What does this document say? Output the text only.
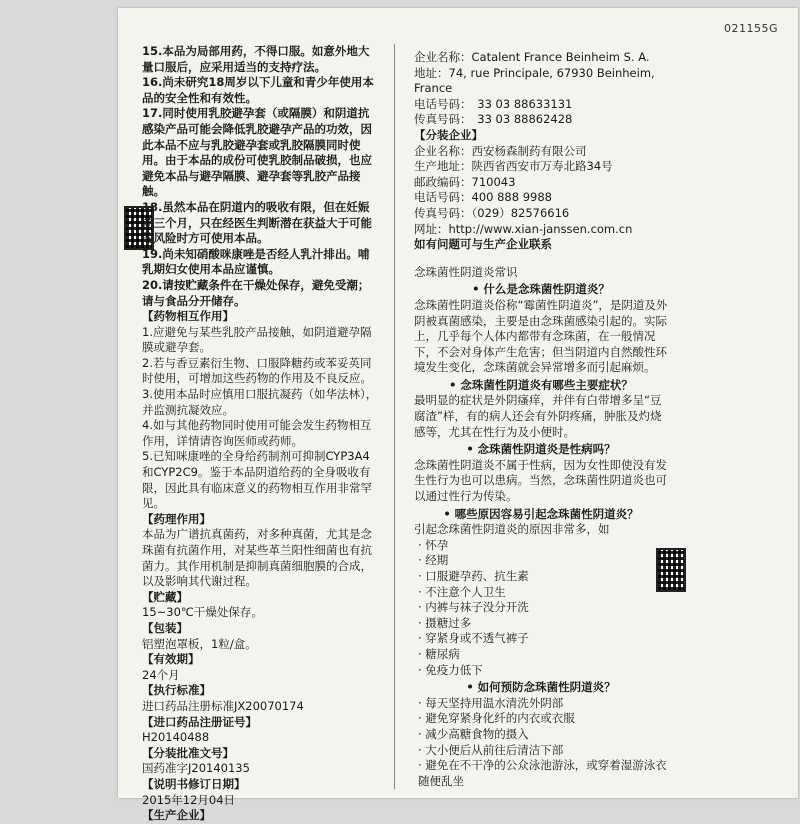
021155G
15.本品为局部用药，不得口服。如意外地大量口服后，应采用适当的支持疗法。
16.尚未研究18周岁以下儿童和青少年使用本品的安全性和有效性。
17.同时使用乳胶避孕套（或隔膜）和阴道抗感染产品可能会降低乳胶避孕产品的功效，因此本品不应与乳胶避孕套或乳胶隔膜同时使用。由于本品的成份可使乳胶制品破损，也应避免本品与避孕隔膜、避孕套等乳胶产品接触。
18.虽然本品在阴道内的吸收有限，但在妊娠前三个月，只在经医生判断潜在获益大于可能的风险时方可使用本品。
19.尚未知硝酸咪康唑是否经人乳汁排出。哺乳期妇女使用本品应谨慎。
20.请按贮藏条件在干燥处保存，避免受潮；请与食品分开储存。
【药物相互作用】
1.应避免与某些乳胶产品接触，如阴道避孕隔膜或避孕套。
2.若与香豆素衍生物、口服降糖药或苯妥英同时使用，可增加这些药物的作用及不良反应。
3.使用本品时应慎用口服抗凝药（如华法林），并监测抗凝效应。
4.如与其他药物同时使用可能会发生药物相互作用，详情请咨询医师或药师。
5.已知咪康唑的全身给药制剂可抑制CYP3A4和CYP2C9。鉴于本品阴道给药的全身吸收有限，因此具有临床意义的药物相互作用非常罕见。
【药理作用】
本品为广谱抗真菌药，对多种真菌，尤其是念珠菌有抗菌作用，对某些革兰阳性细菌也有抗菌力。其作用机制是抑制真菌细胞膜的合成，以及影响其代谢过程。
【贮藏】
15~30℃干燥处保存。
【包装】
铝塑泡罩板，1粒/盒。
【有效期】
24个月
【执行标准】
进口药品注册标准JX20070174
【进口药品注册证号】
H20140488
【分装批准文号】
国药准字J20140135
【说明书修订日期】
2015年12月04日
【生产企业】
企业名称：Catalent France Beinheim S. A.
地址：74, rue Principale, 67930 Beinheim, France
电话号码：　33 03 88633131
传真号码：　33 03 88862428
【分装企业】
企业名称：西安杨森制药有限公司
生产地址：陕西省西安市万寿北路34号
邮政编码：710043
电话号码：400 888 9988
传真号码：（029）82576616
网址：http://www.xian-janssen.com.cn
如有问题可与生产企业联系
念珠菌性阴道炎常识
• 什么是念珠菌性阴道炎？
念珠菌性阴道炎俗称“霉菌性阴道炎”，是阴道及外阴被真菌感染，主要是由念珠菌感染引起的。实际上，几乎每个人体内都带有念珠菌，在一般情况下，不会对身体产生危害；但当阴道内自然酸性环境发生变化，念珠菌就会异常增多而引起麻烦。
• 念珠菌性阴道炎有哪些主要症状？
最明显的症状是外阴瘙痒，并伴有白带增多呈“豆腐渣”样，有的病人还会有外阴疼痛，肿胀及灼烧感等，尤其在性行为及小便时。
• 念珠菌性阴道炎是性病吗？
念珠菌性阴道炎不属于性病，因为女性即使没有发生性行为也可以患病。当然，念珠菌性阴道炎也可以通过性行为传染。
• 哪些原因容易引起念珠菌性阴道炎？
引起念珠菌性阴道炎的原因非常多，如
· 怀孕
· 经期
· 口服避孕药、抗生素
· 不注意个人卫生
· 内裤与袜子没分开洗
· 摄糖过多
· 穿紧身或不透气裤子
· 糖尿病
· 免疫力低下
• 如何预防念珠菌性阴道炎？
· 每天坚持用温水清洗外阴部
· 避免穿紧身化纤的内衣或衣服
· 减少高糖食物的摄入
· 大小便后从前往后清洁下部
· 避免在不干净的公众泳池游泳，或穿着湿游泳衣随便乱坐
